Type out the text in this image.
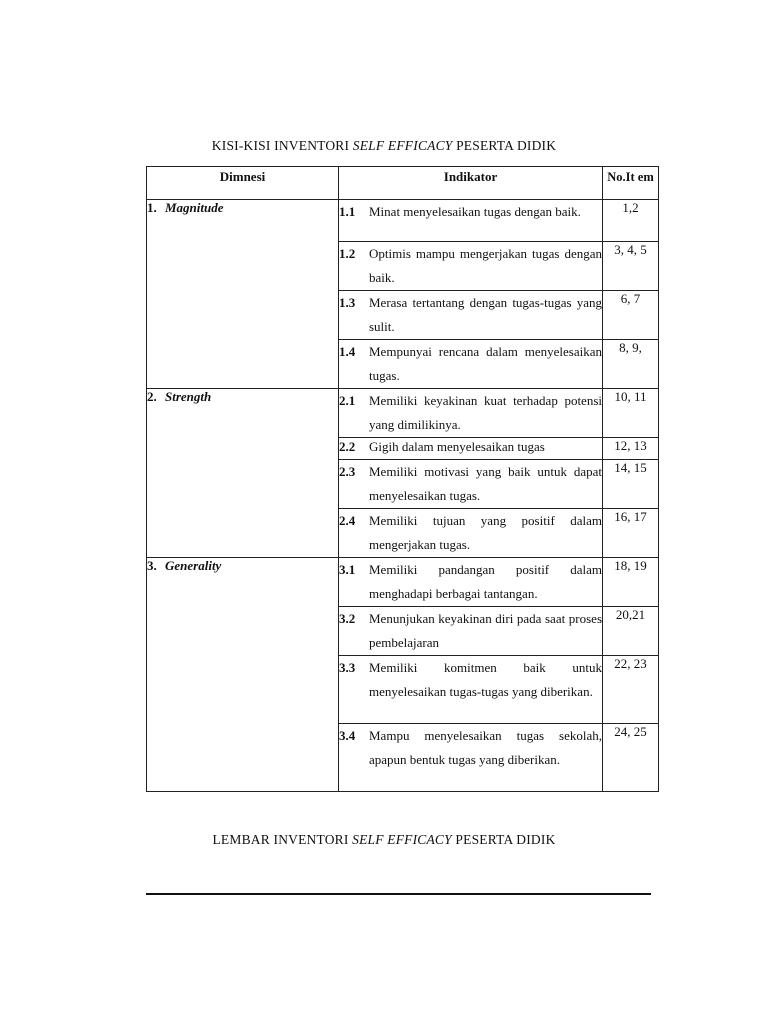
KISI-KISI INVENTORI SELF EFFICACY PESERTA DIDIK
Dimnesi	Indikator	No.It em

1. Magnitude	1.1 Minat menyelesaikan tugas dengan baik.	1,2

	1.2 Optimis mampu mengerjakan tugas dengan baik.	3, 4, 5

	1.3 Merasa tertantang dengan tugas-tugas yang sulit.	6, 7

	1.4 Mempunyai rencana dalam menyelesaikan tugas.	8, 9,
2. Strength	2.1 Memiliki keyakinan kuat terhadap potensi yang dimilikinya.	10, 11

	2.2 Gigih dalam menyelesaikan tugas	12, 13

	2.3 Memiliki motivasi yang baik untuk dapat menyelesaikan tugas.	14, 15

	2.4 Memiliki tujuan yang positif dalam mengerjakan tugas.	16, 17
3. Generality	3.1 Memiliki pandangan positif dalam menghadapi berbagai tantangan.	18, 19

	3.2 Menunjukan keyakinan diri pada saat proses pembelajaran	20,21

	3.3 Memiliki komitmen baik untuk menyelesaikan tugas-tugas yang diberikan.	22, 23

	3.4 Mampu menyelesaikan tugas sekolah, apapun bentuk tugas yang diberikan.	24, 25
LEMBAR INVENTORI SELF EFFICACY PESERTA DIDIK
